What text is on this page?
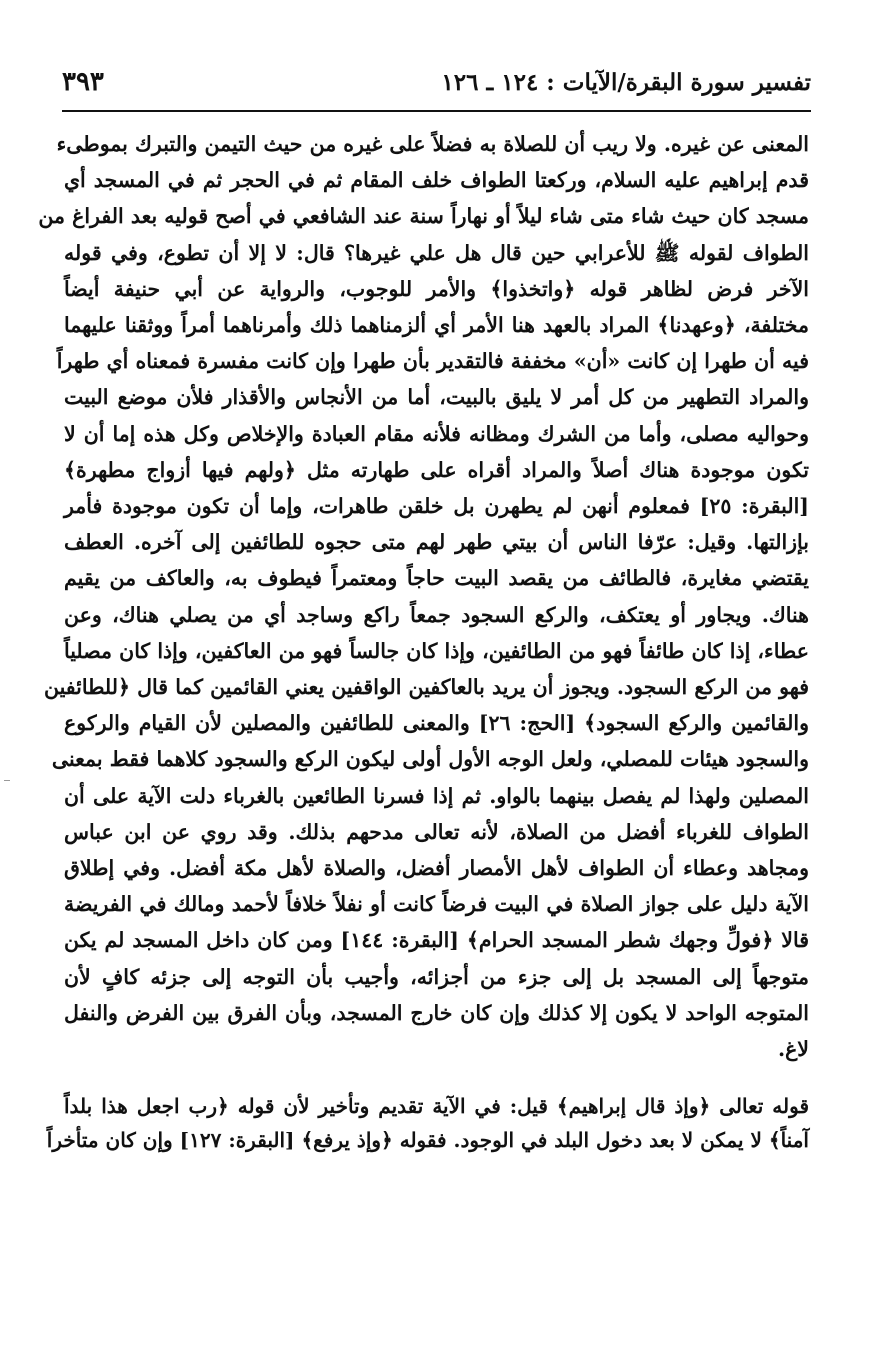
تفسير سورة البقرة/الآيات : ١٢٤ ـ ١٢٦
٣٩٣

المعنى عن غيره. ولا ريب أن للصلاة به فضلاً على غيره من حيث التيمن والتبرك بموطىء
قدم إبراهيم عليه السلام، وركعتا الطواف خلف المقام ثم في الحجر ثم في المسجد أي
مسجد كان حيث شاء متى شاء ليلاً أو نهاراً سنة عند الشافعي في أصح قوليه بعد الفراغ من
الطواف لقوله ﷺ للأعرابي حين قال هل علي غيرها؟ قال: لا إلا أن تطوع، وفي قوله
الآخر فرض لظاهر قوله ﴿واتخذوا﴾ والأمر للوجوب، والرواية عن أبي حنيفة أيضاً
مختلفة، ﴿وعهدنا﴾ المراد بالعهد هنا الأمر أي ألزمناهما ذلك وأمرناهما أمراً ووثقنا عليهما
فيه أن طهرا إن كانت «أن» مخففة فالتقدير بأن طهرا وإن كانت مفسرة فمعناه أي طهراً
والمراد التطهير من كل أمر لا يليق بالبيت، أما من الأنجاس والأقذار فلأن موضع البيت
وحواليه مصلى، وأما من الشرك ومظانه فلأنه مقام العبادة والإخلاص وكل هذه إما أن لا
تكون موجودة هناك أصلاً والمراد أقراه على طهارته مثل ﴿ولهم فيها أزواج مطهرة﴾
[البقرة: ٢٥] فمعلوم أنهن لم يطهرن بل خلقن طاهرات، وإما أن تكون موجودة فأمر
بإزالتها. وقيل: عرّفا الناس أن بيتي طهر لهم متى حجوه للطائفين إلى آخره. العطف
يقتضي مغايرة، فالطائف من يقصد البيت حاجاً ومعتمراً فيطوف به، والعاكف من يقيم
هناك. ويجاور أو يعتكف، والركع السجود جمعاً راكع وساجد أي من يصلي هناك، وعن
عطاء، إذا كان طائفاً فهو من الطائفين، وإذا كان جالساً فهو من العاكفين، وإذا كان مصلياً
فهو من الركع السجود. ويجوز أن يريد بالعاكفين الواقفين يعني القائمين كما قال ﴿للطائفين
والقائمين والركع السجود﴾ [الحج: ٢٦] والمعنى للطائفين والمصلين لأن القيام والركوع
والسجود هيئات للمصلي، ولعل الوجه الأول أولى ليكون الركع والسجود كلاهما فقط بمعنى
المصلين ولهذا لم يفصل بينهما بالواو. ثم إذا فسرنا الطائعين بالغرباء دلت الآية على أن
الطواف للغرباء أفضل من الصلاة، لأنه تعالى مدحهم بذلك. وقد روي عن ابن عباس
ومجاهد وعطاء أن الطواف لأهل الأمصار أفضل، والصلاة لأهل مكة أفضل. وفي إطلاق
الآية دليل على جواز الصلاة في البيت فرضاً كانت أو نفلاً خلافاً لأحمد ومالك في الفريضة
قالا ﴿فولِّ وجهك شطر المسجد الحرام﴾ [البقرة: ١٤٤] ومن كان داخل المسجد لم يكن
متوجهاً إلى المسجد بل إلى جزء من أجزائه، وأجيب بأن التوجه إلى جزئه كافٍ لأن
المتوجه الواحد لا يكون إلا كذلك وإن كان خارج المسجد، وبأن الفرق بين الفرض والنفل
لاغ.

قوله تعالى ﴿وإذ قال إبراهيم﴾ قيل: في الآية تقديم وتأخير لأن قوله ﴿رب اجعل هذا بلداً
آمناً﴾ لا يمكن لا بعد دخول البلد في الوجود. فقوله ﴿وإذ يرفع﴾ [البقرة: ١٢٧] وإن كان متأخراً
